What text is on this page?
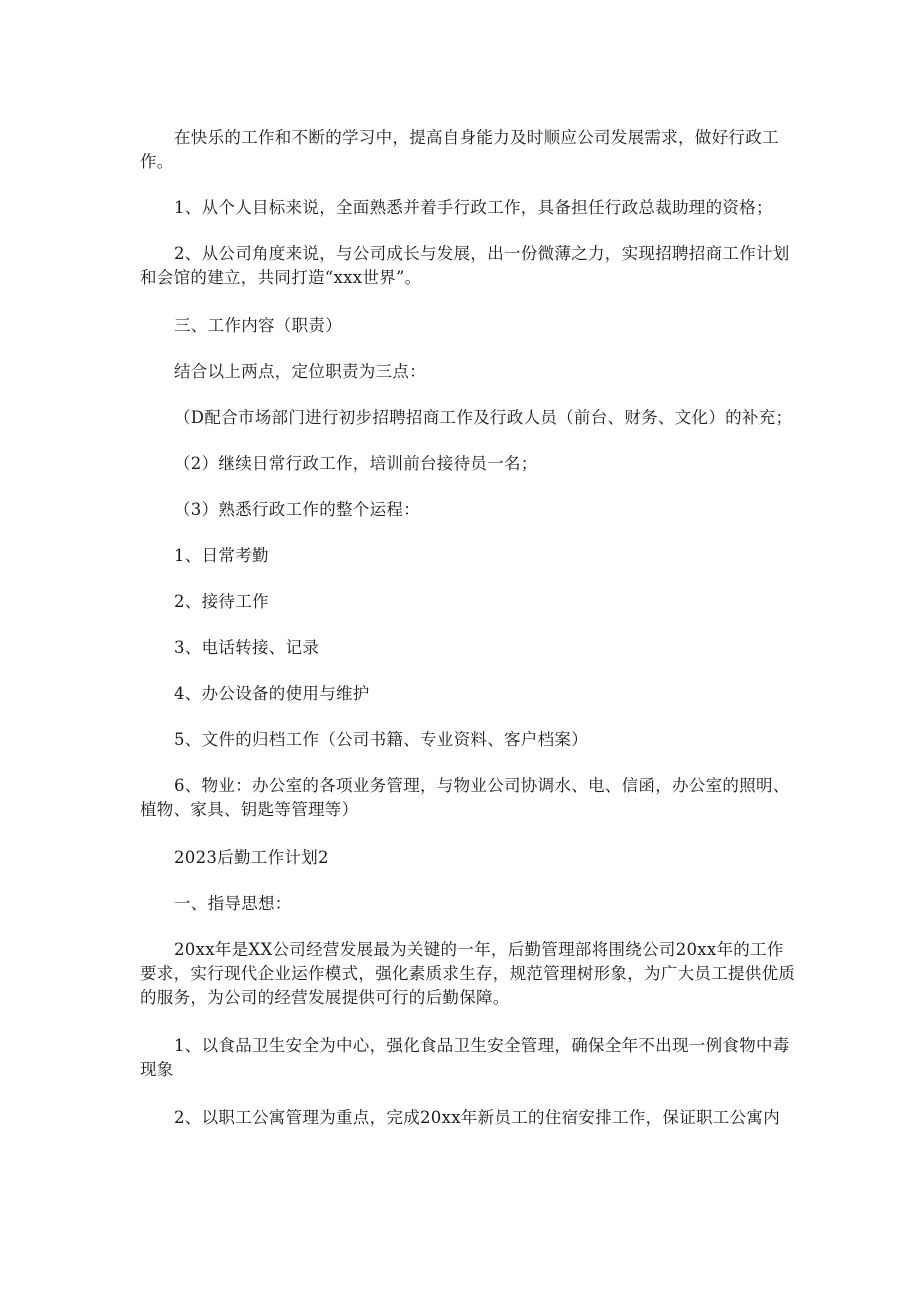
在快乐的工作和不断的学习中，提高自身能力及时顺应公司发展需求，做好行政工作。

1、从个人目标来说，全面熟悉并着手行政工作，具备担任行政总裁助理的资格；

2、从公司角度来说，与公司成长与发展，出一份微薄之力，实现招聘招商工作计划和会馆的建立，共同打造“xxx世界”。

三、工作内容（职责）

结合以上两点，定位职责为三点：

（D配合市场部门进行初步招聘招商工作及行政人员（前台、财务、文化）的补充；

（2）继续日常行政工作，培训前台接待员一名；

（3）熟悉行政工作的整个运程：

1、日常考勤

2、接待工作

3、电话转接、记录

4、办公设备的使用与维护

5、文件的归档工作（公司书籍、专业资料、客户档案）

6、物业：办公室的各项业务管理，与物业公司协调水、电、信函，办公室的照明、植物、家具、钥匙等管理等）

2023后勤工作计划2

一、指导思想：

20xx年是XX公司经营发展最为关键的一年，后勤管理部将围绕公司20xx年的工作要求，实行现代企业运作模式，强化素质求生存，规范管理树形象，为广大员工提供优质的服务，为公司的经营发展提供可行的后勤保障。

1、以食品卫生安全为中心，强化食品卫生安全管理，确保全年不出现一例食物中毒现象

2、以职工公寓管理为重点，完成20xx年新员工的住宿安排工作，保证职工公寓内
